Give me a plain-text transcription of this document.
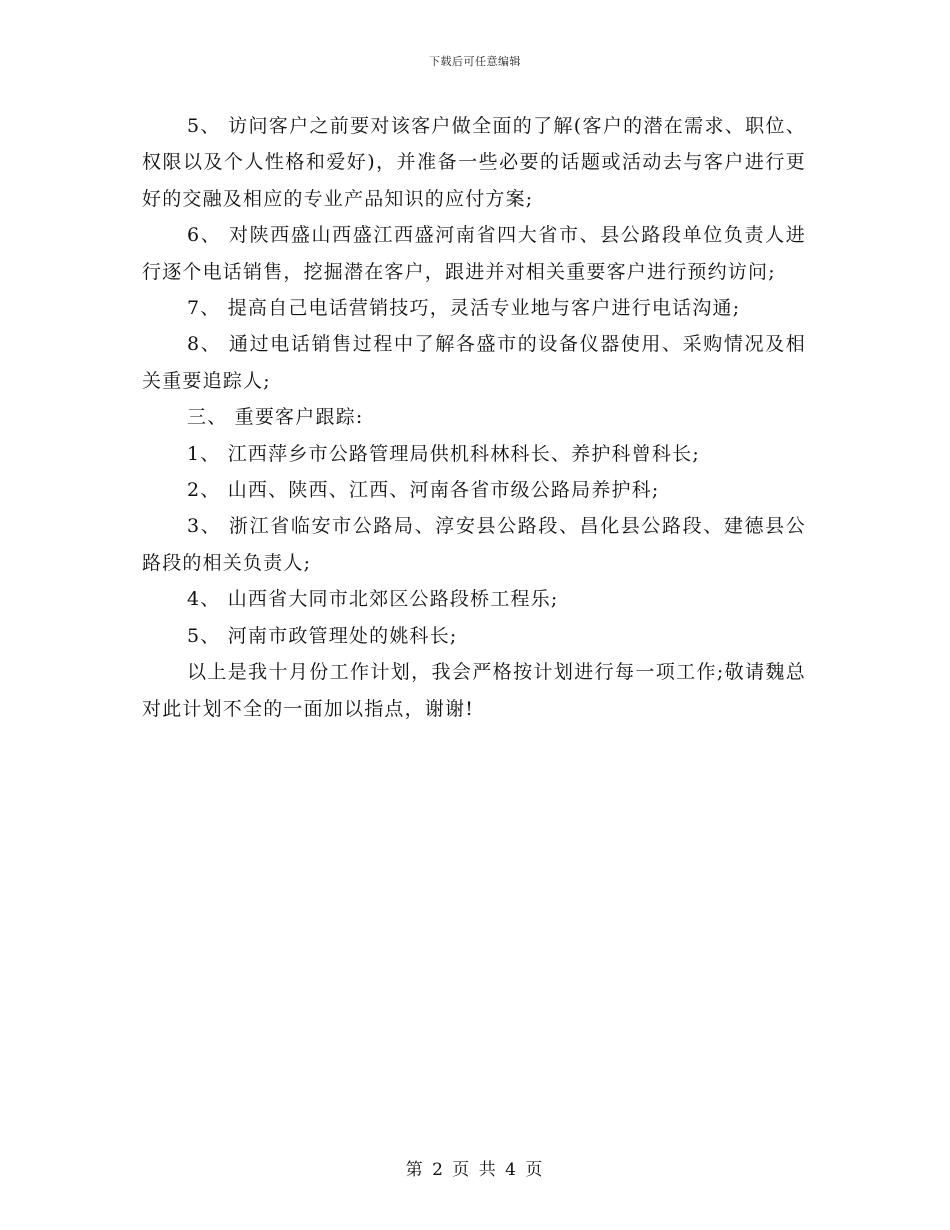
下载后可任意编辑

5、 访问客户之前要对该客户做全面的了解(客户的潜在需求、职位、权限以及个人性格和爱好)，并准备一些必要的话题或活动去与客户进行更好的交融及相应的专业产品知识的应付方案;

6、 对陕西盛山西盛江西盛河南省四大省市、县公路段单位负责人进行逐个电话销售，挖掘潜在客户，跟进并对相关重要客户进行预约访问;

7、 提高自己电话营销技巧，灵活专业地与客户进行电话沟通;

8、 通过电话销售过程中了解各盛市的设备仪器使用、采购情况及相关重要追踪人;

三、 重要客户跟踪:

1、 江西萍乡市公路管理局供机科林科长、养护科曾科长;

2、 山西、陕西、江西、河南各省市级公路局养护科;

3、 浙江省临安市公路局、淳安县公路段、昌化县公路段、建德县公路段的相关负责人;

4、 山西省大同市北郊区公路段桥工程乐;

5、 河南市政管理处的姚科长;

以上是我十月份工作计划，我会严格按计划进行每一项工作;敬请魏总对此计划不全的一面加以指点，谢谢!

第 2 页 共 4 页
